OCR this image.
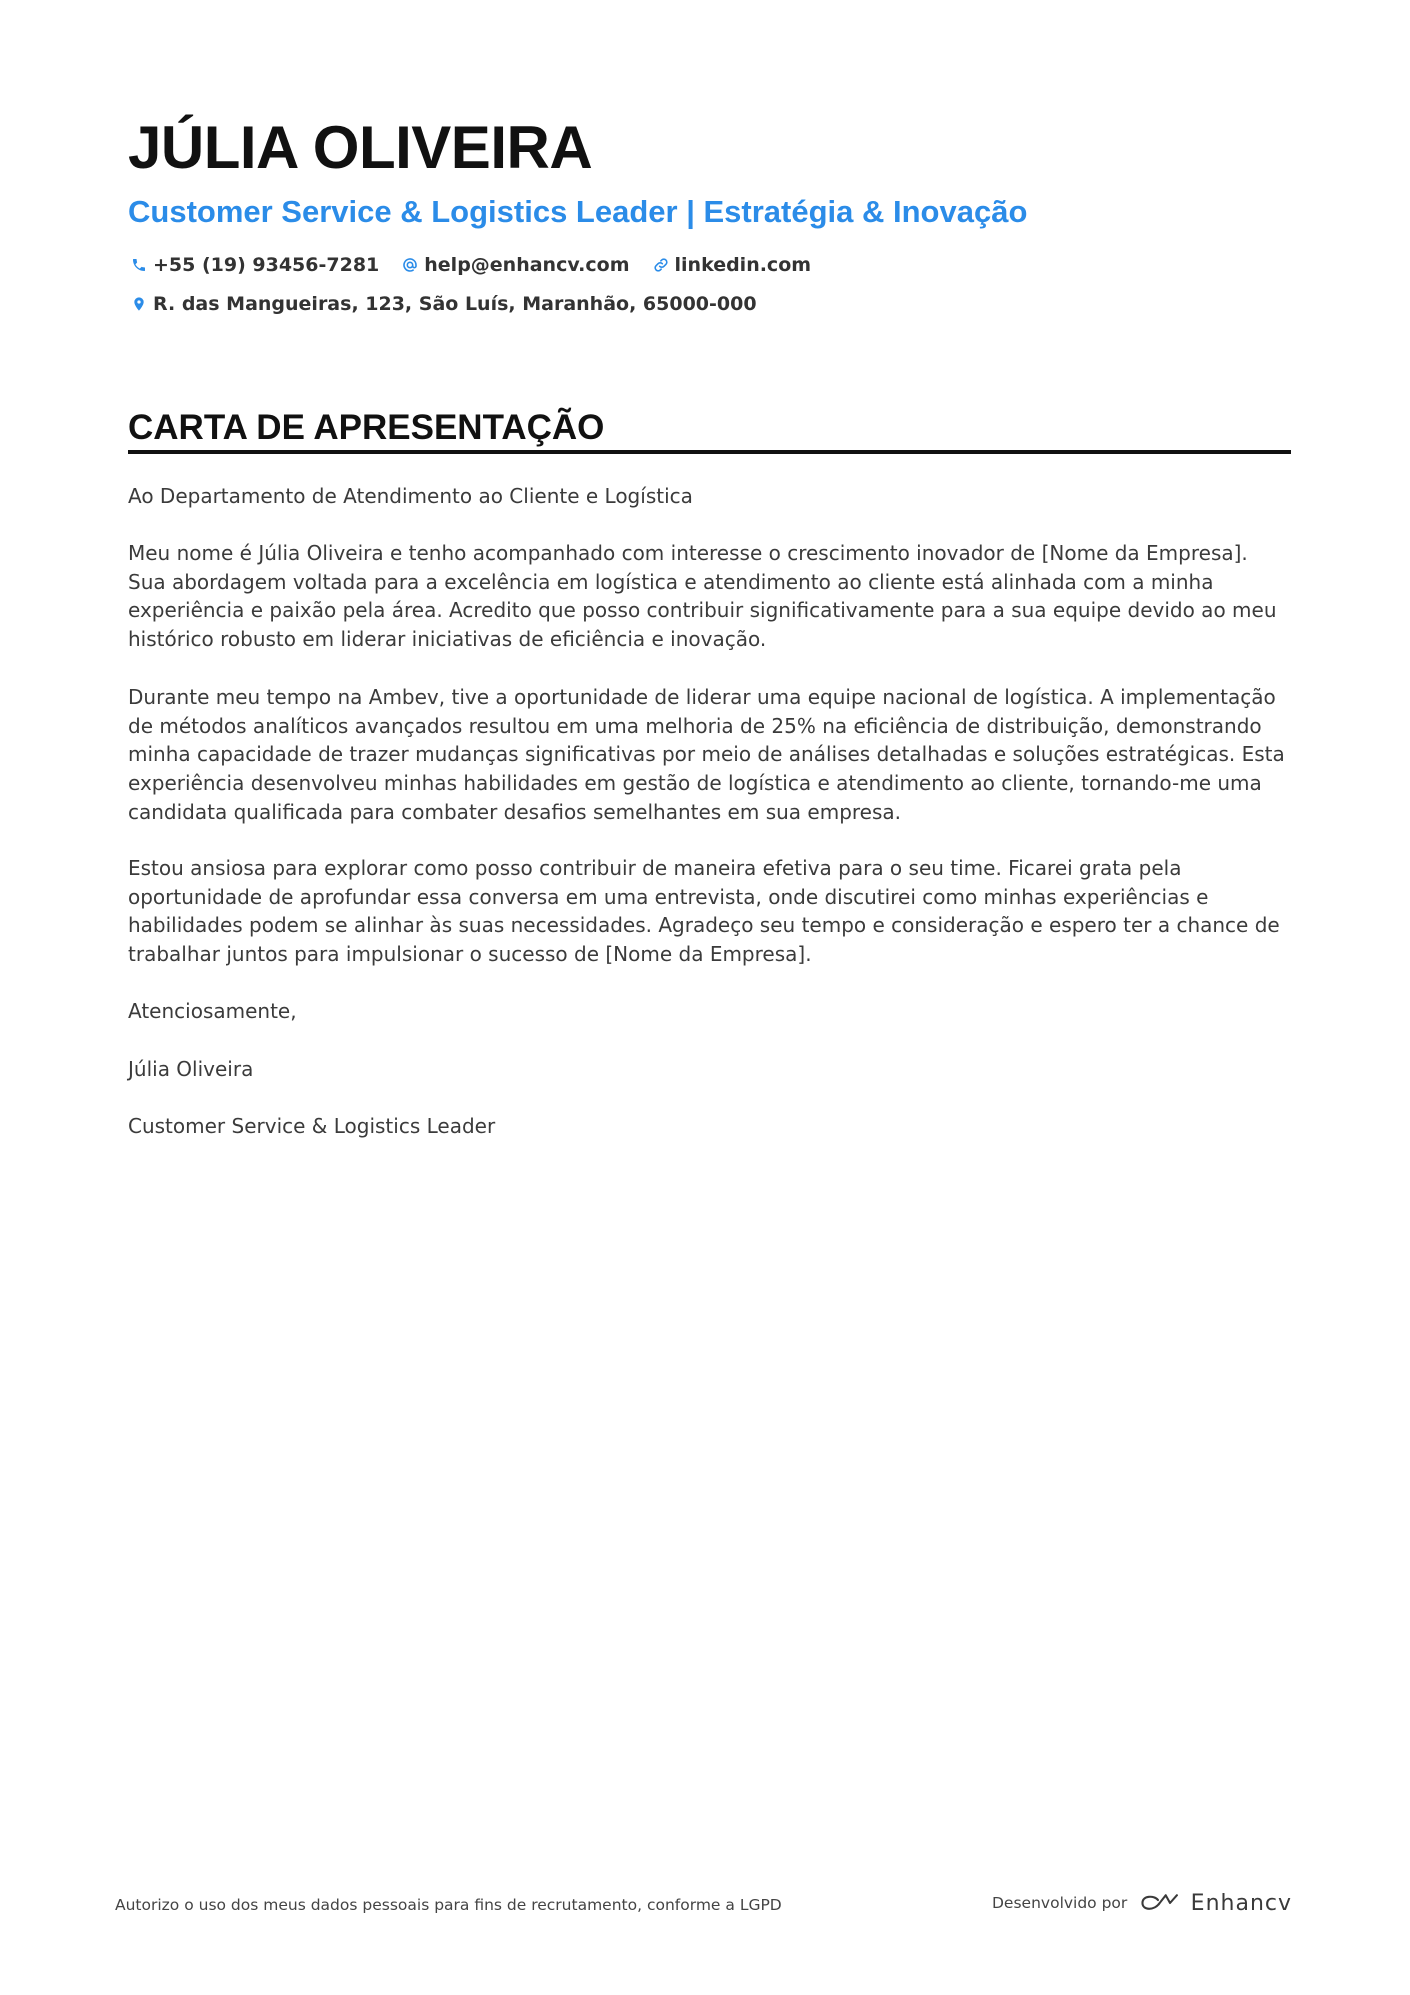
JÚLIA OLIVEIRA
Customer Service & Logistics Leader | Estratégia & Inovação
+55 (19) 93456-7281 help@enhancv.com linkedin.com
R. das Mangueiras, 123, São Luís, Maranhão, 65000-000
CARTA DE APRESENTAÇÃO

Ao Departamento de Atendimento ao Cliente e Logística

Meu nome é Júlia Oliveira e tenho acompanhado com interesse o crescimento inovador de [Nome da Empresa]. Sua abordagem voltada para a excelência em logística e atendimento ao cliente está alinhada com a minha experiência e paixão pela área. Acredito que posso contribuir significativamente para a sua equipe devido ao meu histórico robusto em liderar iniciativas de eficiência e inovação.

Durante meu tempo na Ambev, tive a oportunidade de liderar uma equipe nacional de logística. A implementação de métodos analíticos avançados resultou em uma melhoria de 25% na eficiência de distribuição, demonstrando minha capacidade de trazer mudanças significativas por meio de análises detalhadas e soluções estratégicas. Esta experiência desenvolveu minhas habilidades em gestão de logística e atendimento ao cliente, tornando-me uma candidata qualificada para combater desafios semelhantes em sua empresa.

Estou ansiosa para explorar como posso contribuir de maneira efetiva para o seu time. Ficarei grata pela oportunidade de aprofundar essa conversa em uma entrevista, onde discutirei como minhas experiências e habilidades podem se alinhar às suas necessidades. Agradeço seu tempo e consideração e espero ter a chance de trabalhar juntos para impulsionar o sucesso de [Nome da Empresa].

Atenciosamente,

Júlia Oliveira

Customer Service & Logistics Leader

Autorizo o uso dos meus dados pessoais para fins de recrutamento, conforme a LGPD	Desenvolvido por	Enhancv
